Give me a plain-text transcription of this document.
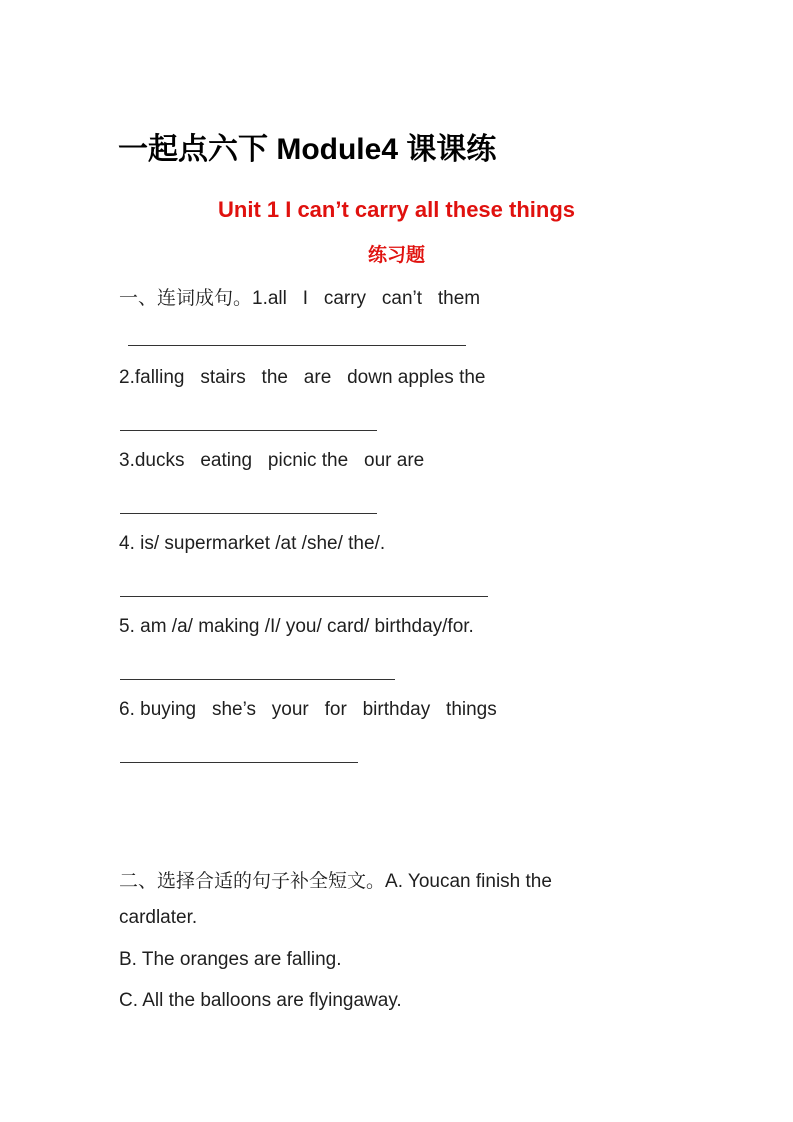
一起点六下 Module4 课课练
Unit 1 I can’t carry all these things
练习题
一、连词成句。1.all   I   carry   can’t   them
2.falling   stairs   the   are   down apples the
3.ducks   eating   picnic the   our are
4. is/ supermarket /at /she/ the/.
5. am /a/ making /I/ you/ card/ birthday/for.
6. buying   she’s   your   for   birthday   things
二、选择合适的句子补全短文。A. Youcan finish the
cardlater.
B. The oranges are falling.
C. All the balloons are flyingaway.
